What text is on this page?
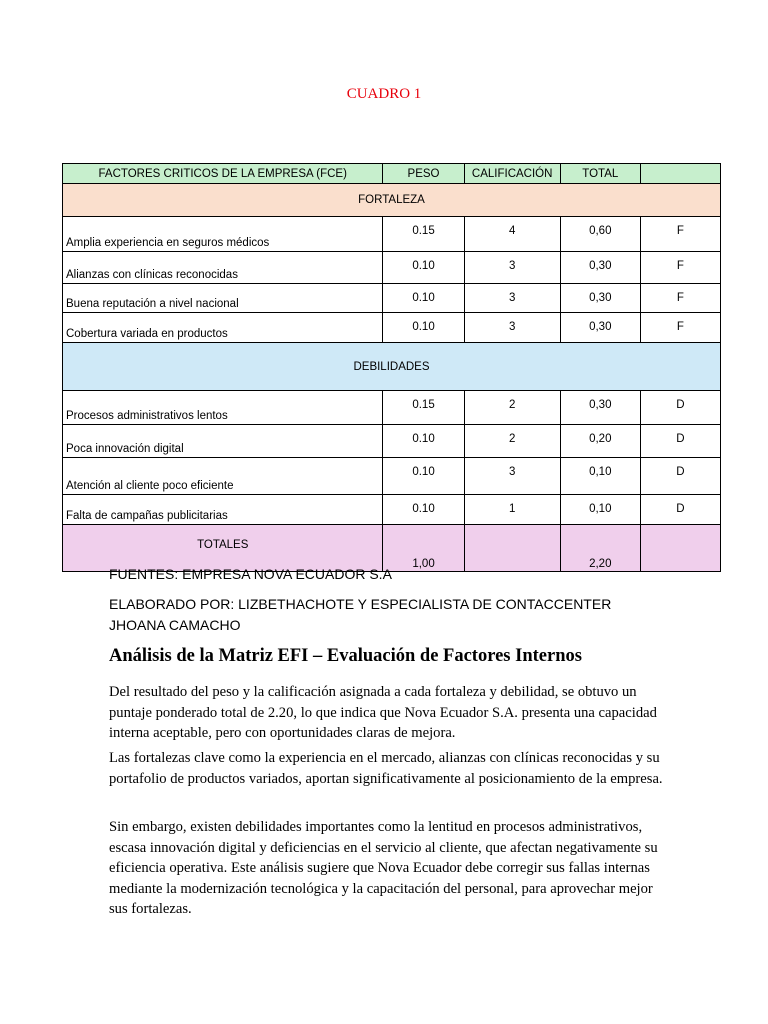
CUADRO 1
FACTORES CRITICOS DE LA EMPRESA (FCE)	PESO	CALIFICACIÓN	TOTAL	
FORTALEZA				
Amplia experiencia en seguros médicos	0.15	4	0,60	F
Alianzas con clínicas reconocidas	0.10	3	0,30	F
Buena reputación a nivel nacional	0.10	3	0,30	F
Cobertura variada en productos	0.10	3	0,30	F
DEBILIDADES				
Procesos administrativos lentos	0.15	2	0,30	D
Poca innovación digital	0.10	2	0,20	D
Atención al cliente poco eficiente	0.10	3	0,10	D
Falta de campañas publicitarias	0.10	1	0,10	D
TOTALES	1,00		2,20	
FUENTES: EMPRESA NOVA ECUADOR S.A
ELABORADO POR: LIZBETHACHOTE Y ESPECIALISTA DE CONTACCENTER
JHOANA CAMACHO
Análisis de la Matriz EFI – Evaluación de Factores Internos

Del resultado del peso y la calificación asignada a cada fortaleza y debilidad, se obtuvo un puntaje ponderado total de 2.20, lo que indica que Nova Ecuador S.A. presenta una capacidad interna aceptable, pero con oportunidades claras de mejora.

Las fortalezas clave como la experiencia en el mercado, alianzas con clínicas reconocidas y su portafolio de productos variados, aportan significativamente al posicionamiento de la empresa.

Sin embargo, existen debilidades importantes como la lentitud en procesos administrativos, escasa innovación digital y deficiencias en el servicio al cliente, que afectan negativamente su eficiencia operativa. Este análisis sugiere que Nova Ecuador debe corregir sus fallas internas mediante la modernización tecnológica y la capacitación del personal, para aprovechar mejor sus fortalezas.
